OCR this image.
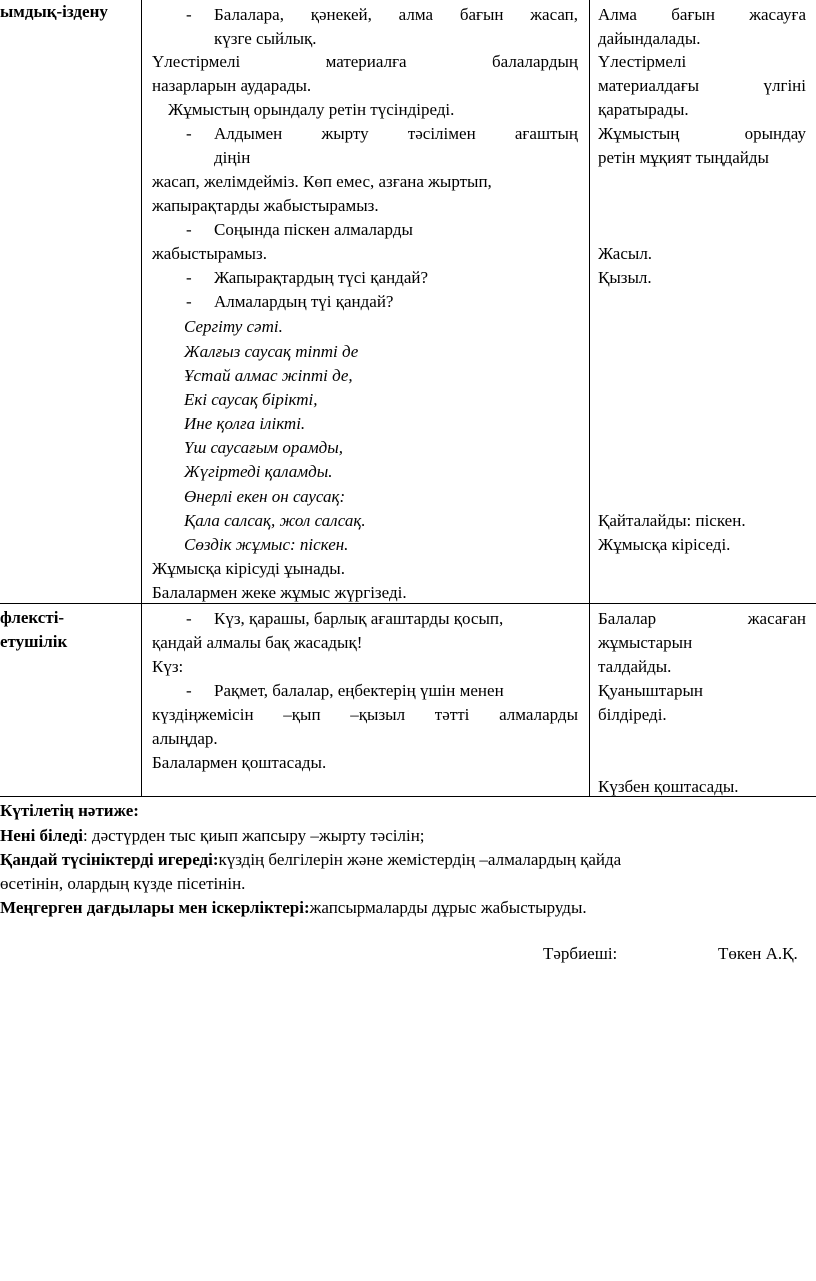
ымдық-іздену	- Балалара, қәнекей, алма бағын жасап,
күзге сыйлық.
Үлестірмелі материалға балалардың
назарларын аударады.
Жұмыстың орындалу ретін түсіндіреді.
- Алдымен жырту тәсілімен ағаштың
діңін
жасап, желімдейміз. Көп емес, азғана жыртып,
жапырақтарды жабыстырамыз.
- Соңында піскен алмаларды
жабыстырамыз.
- Жапырақтардың түсі қандай?
- Алмалардың түі қандай?
Сергіту сәті.
Жалғыз саусақ тіпті де
Ұстай алмас жіпті де,
Екі саусақ бірікті,
Ине қолға ілікті.
Үш саусағым орамды,
Жүгіртеді қаламды.
Өнерлі екен он саусақ:
Қала салсақ, жол салсақ.
Сөздік жұмыс: піскен.
Жұмысқа кірісуді ұынады.
Балалармен жеке жұмыс жүргізеді.
Алма бағын жасауға
дайындалады.
Үлестірмелі
материалдағы үлгіні
қаратырады.
Жұмыстың орындау
ретін мұқият тыңдайды
Жасыл.
Қызыл.
Қайталайды: піскен.
Жұмысқа кіріседі.
флексті-
етушілік
- Күз, қарашы, барлық ағаштарды қосып,
қандай алмалы бақ жасадық!
Күз:
- Рақмет, балалар, еңбектерің үшін менен
күздіңжемісін –қып –қызыл тәтті алмаларды
алыңдар.
Балалармен қоштасады.
Балалар жасаған
жұмыстарын
талдайды.
Қуаныштарын
білдіреді.
Күзбен қоштасады.
Күтілетің нәтиже:
Нені біледі: дәстүрден тыс қиып жапсыру –жырту тәсілін;
Қандай түсініктерді игереді:күздің белгілерін және жемістердің –алмалардың қайда
өсетінін, олардың күзде пісетінін.
Меңгерген дағдылары мен іскерліктері:жапсырмаларды дұрыс жабыстыруды.
Тәрбиеші:	Төкен А.Қ.
